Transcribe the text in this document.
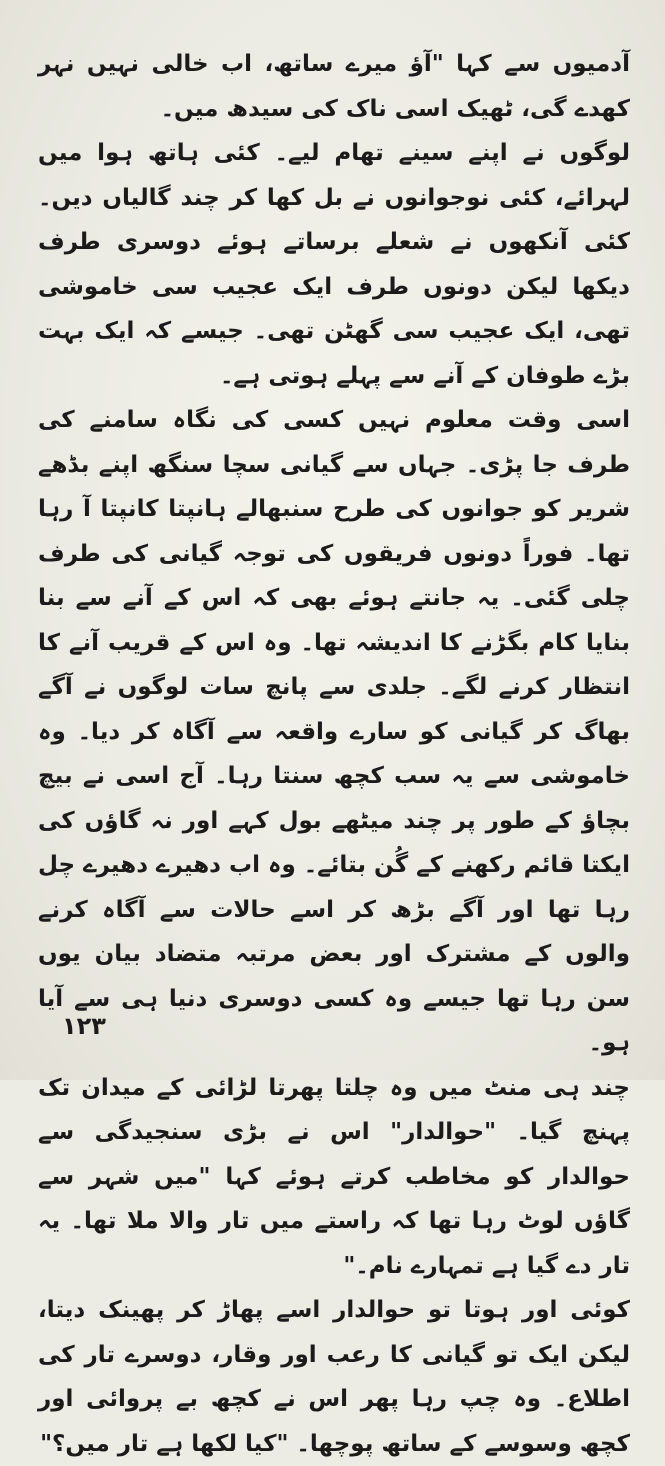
آدمیوں سے کہا "آؤ میرے ساتھ، اب خالی نہیں نہر کھدے گی، ٹھیک اسی ناک کی سیدھ میں۔

لوگوں نے اپنے سینے تھام لیے۔ کئی ہاتھ ہوا میں لہرائے، کئی نوجوانوں نے بل کھا کر چند گالیاں دیں۔ کئی آنکھوں نے شعلے برساتے ہوئے دوسری طرف دیکھا لیکن دونوں طرف ایک عجیب سی خاموشی تھی، ایک عجیب سی گھٹن تھی۔ جیسے کہ ایک بہت بڑے طوفان کے آنے سے پہلے ہوتی ہے۔

اسی وقت معلوم نہیں کسی کی نگاہ سامنے کی طرف جا پڑی۔ جہاں سے گیانی سچا سنگھ اپنے بڈھے شریر کو جوانوں کی طرح سنبھالے ہانپتا کانپتا آ رہا تھا۔ فوراً دونوں فریقوں کی توجہ گیانی کی طرف چلی گئی۔ یہ جانتے ہوئے بھی کہ اس کے آنے سے بنا بنایا کام بگڑنے کا اندیشہ تھا۔ وہ اس کے قریب آنے کا انتظار کرنے لگے۔ جلدی سے پانچ سات لوگوں نے آگے بھاگ کر گیانی کو سارے واقعہ سے آگاہ کر دیا۔ وہ خاموشی سے یہ سب کچھ سنتا رہا۔ آج اسی نے بیچ بچاؤ کے طور پر چند میٹھے بول کہے اور نہ گاؤں کی ایکتا قائم رکھنے کے گُن بتائے۔ وہ اب دھیرے دھیرے چل رہا تھا اور آگے بڑھ کر اسے حالات سے آگاہ کرنے والوں کے مشترک اور بعض مرتبہ متضاد بیان یوں سن رہا تھا جیسے وہ کسی دوسری دنیا ہی سے آیا ہو۔

چند ہی منٹ میں وہ چلتا پھرتا لڑائی کے میدان تک پہنچ گیا۔ "حوالدار" اس نے بڑی سنجیدگی سے حوالدار کو مخاطب کرتے ہوئے کہا "میں شہر سے گاؤں لوٹ رہا تھا کہ راستے میں تار والا ملا تھا۔ یہ تار دے گیا ہے تمہارے نام۔"

کوئی اور ہوتا تو حوالدار اسے پھاڑ کر پھینک دیتا، لیکن ایک تو گیانی کا رعب اور وقار، دوسرے تار کی اطلاع۔ وہ چپ رہا پھر اس نے کچھ بے پروائی اور کچھ وسوسے کے ساتھ پوچھا۔ "کیا لکھا ہے تار میں؟"

۱۲۳
